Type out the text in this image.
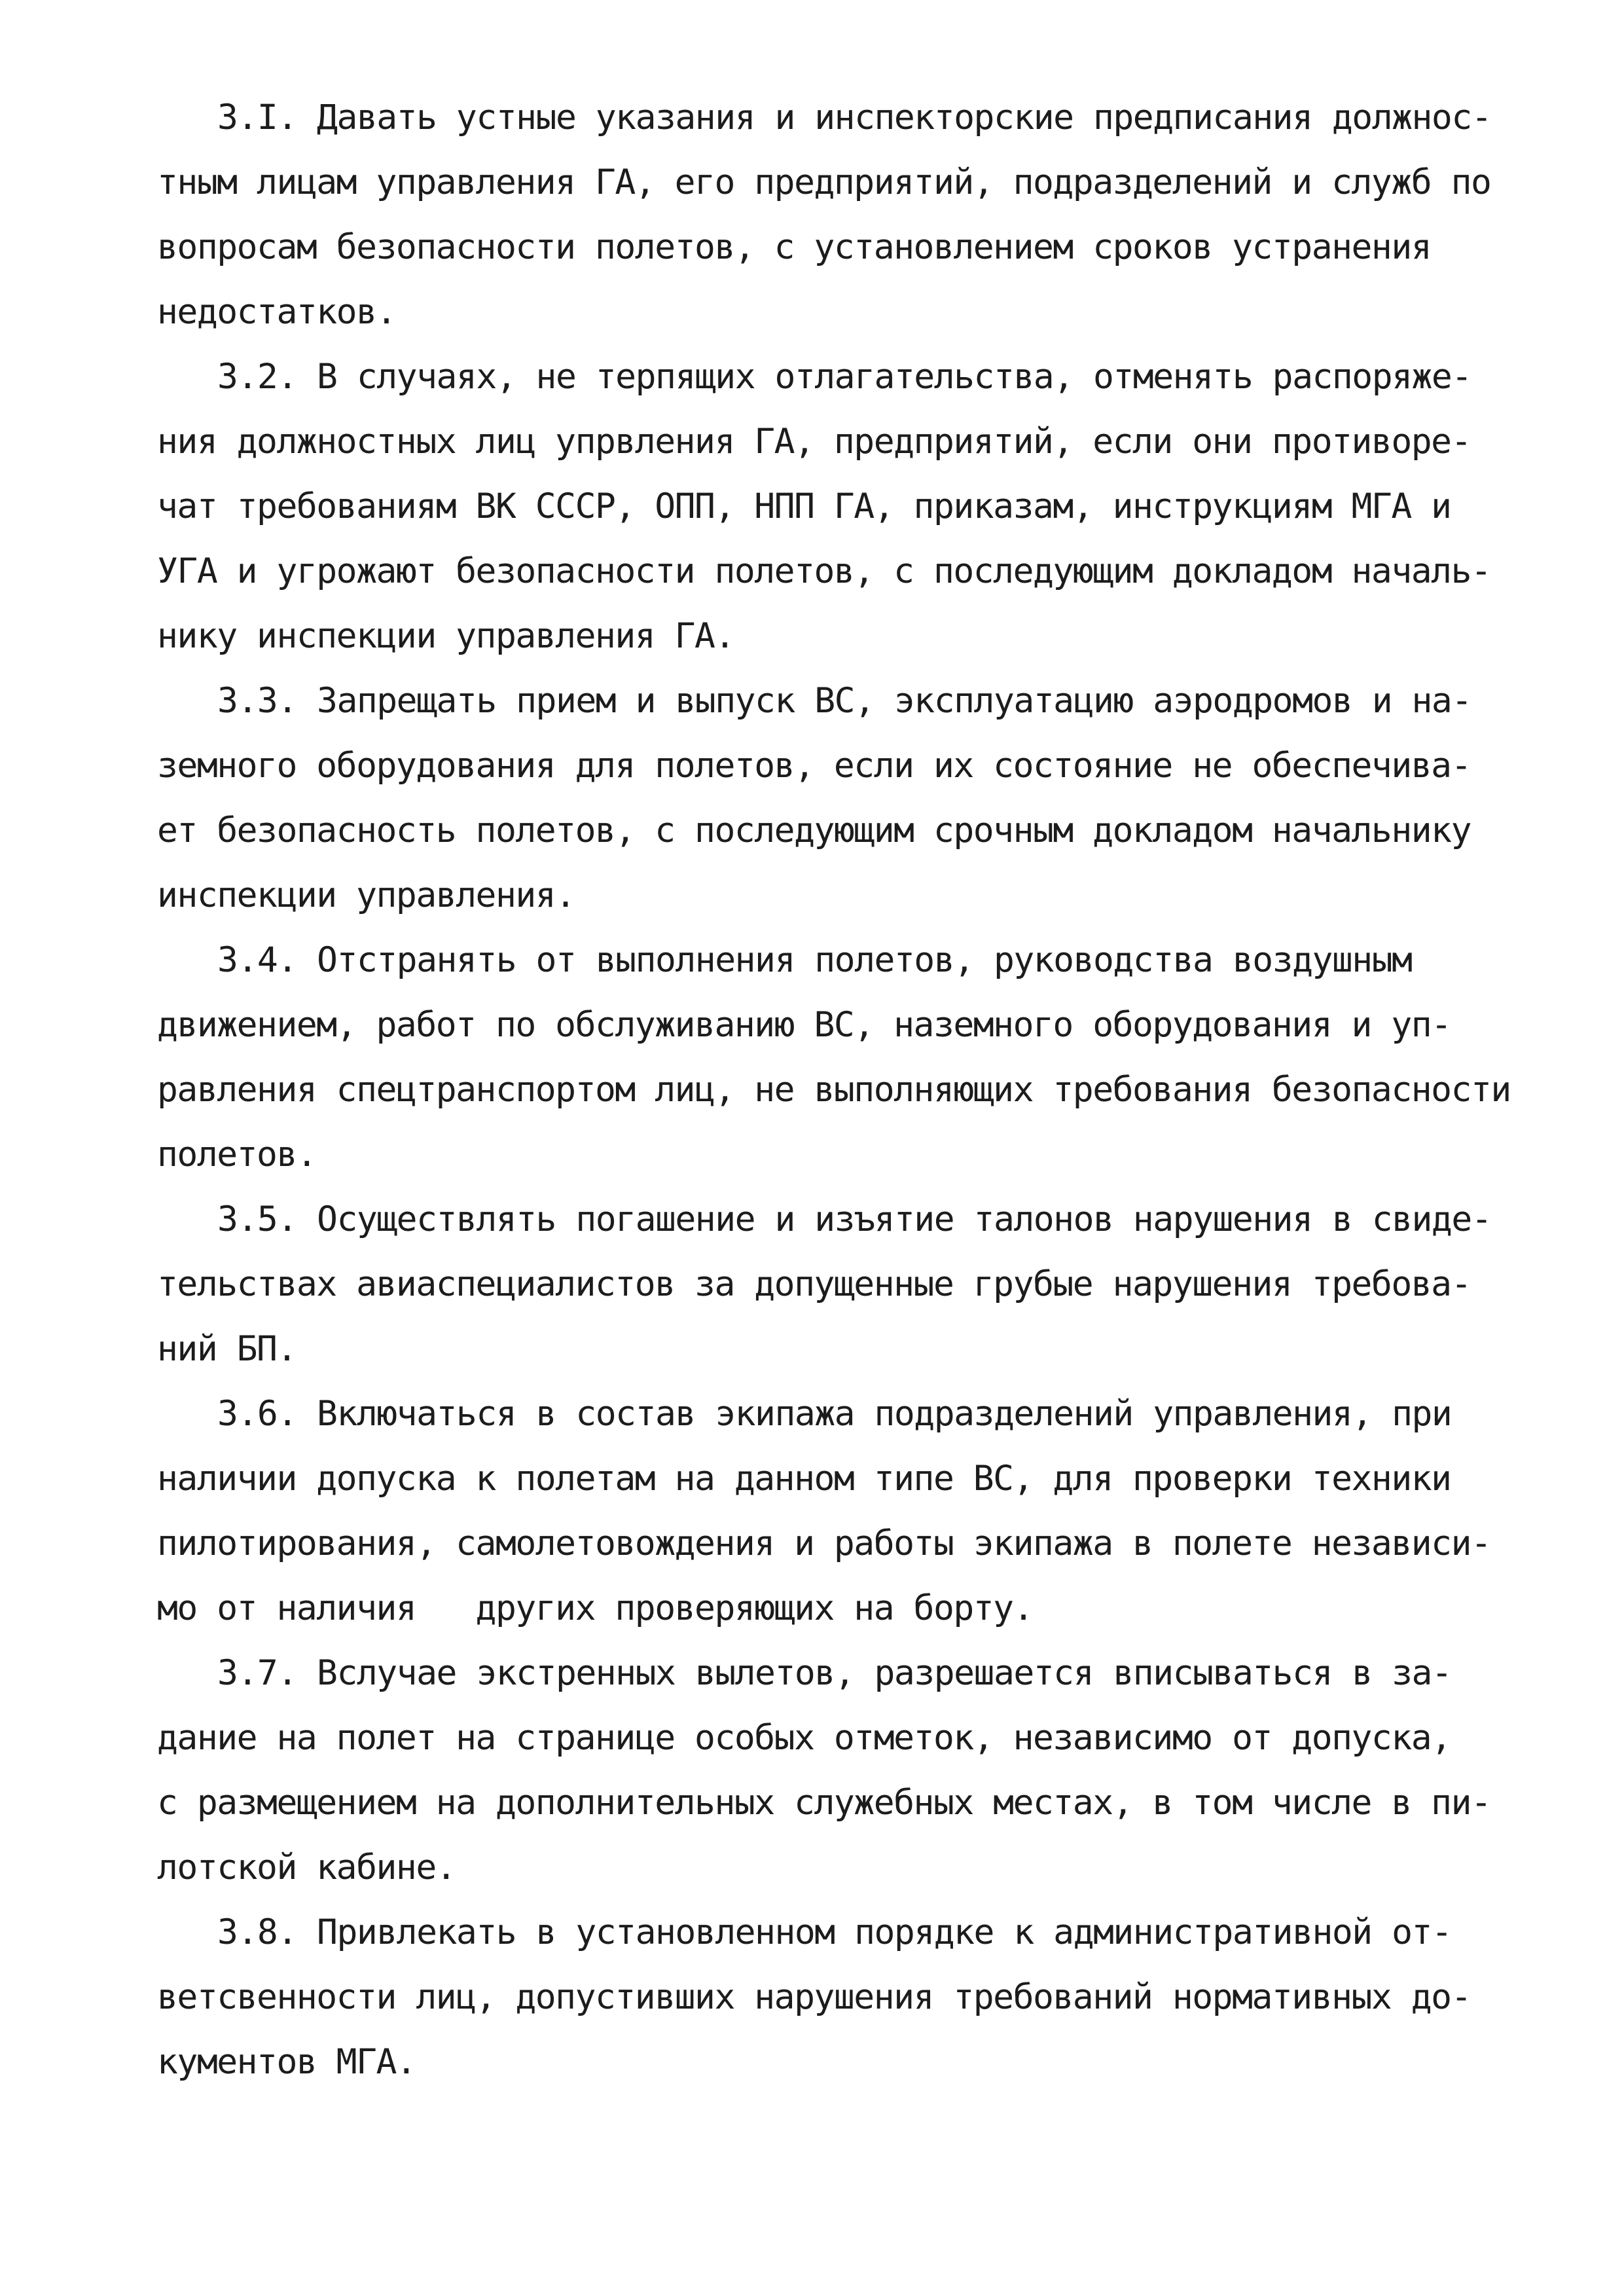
3.I. Давать устные указания и инспекторские предписания должнос-
тным лицам управления ГА, его предприятий, подразделений и служб по
вопросам безопасности полетов, с установлением сроков устранения
недостатков.
3.2. В случаях, не терпящих отлагательства, отменять распоряже-
ния должностных лиц упрвления ГА, предприятий, если они противоре-
чат требованиям ВК СССР, ОПП, НПП ГА, приказам, инструкциям МГА и
УГА и угрожают безопасности полетов, с последующим докладом началь-
нику инспекции управления ГА.
3.3. Запрещать прием и выпуск ВС, эксплуатацию аэродромов и на-
земного оборудования для полетов, если их состояние не обеспечива-
ет безопасность полетов, с последующим срочным докладом начальнику
инспекции управления.
3.4. Отстранять от выполнения полетов, руководства воздушным
движением, работ по обслуживанию ВС, наземного оборудования и уп-
равления спецтранспортом лиц, не выполняющих требования безопасности
полетов.
3.5. Осуществлять погашение и изъятие талонов нарушения в свиде-
тельствах авиаспециалистов за допущенные грубые нарушения требова-
ний БП.
3.6. Включаться в состав экипажа подразделений управления, при
наличии допуска к полетам на данном типе ВС, для проверки техники
пилотирования, самолетовождения и работы экипажа в полете независи-
мо от наличия   других проверяющих на борту.
3.7. Вслучае экстренных вылетов, разрешается вписываться в за-
дание на полет на странице особых отметок, независимо от допуска,
с размещением на дополнительных служебных местах, в том числе в пи-
лотской кабине.
3.8. Привлекать в установленном порядке к административной от-
ветсвенности лиц, допустивших нарушения требований нормативных до-
кументов МГА.
